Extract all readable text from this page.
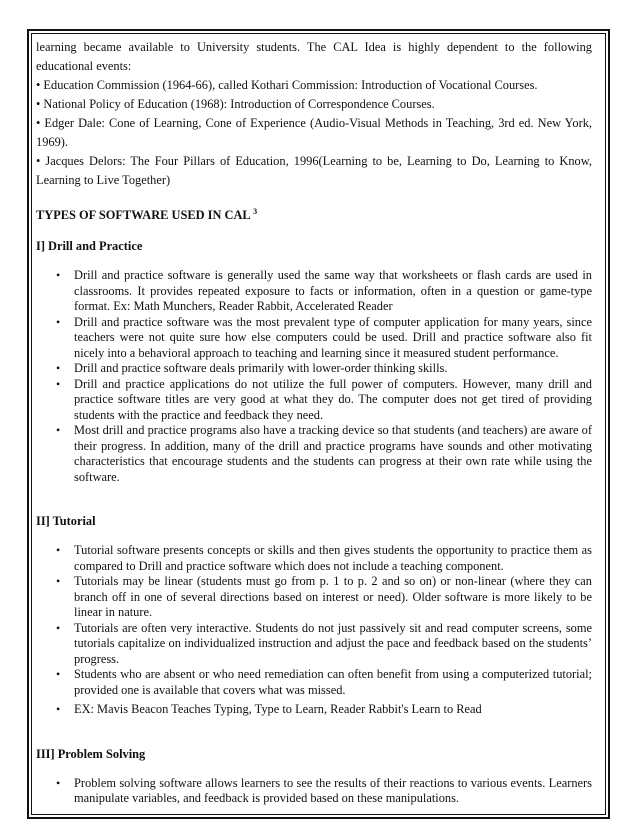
learning became available to University students. The CAL Idea is highly dependent to the following educational events:

• Education Commission (1964-66), called Kothari Commission: Introduction of Vocational Courses.

• National Policy of Education (1968): Introduction of Correspondence Courses.

• Edger Dale: Cone of Learning, Cone of Experience (Audio-Visual Methods in Teaching, 3rd ed. New York, 1969).

• Jacques Delors: The Four Pillars of Education, 1996(Learning to be, Learning to Do, Learning to Know, Learning to Live Together)

TYPES OF SOFTWARE USED IN CAL $^3$

I] Drill and Practice

• Drill and practice software is generally used the same way that worksheets or flash cards are used in classrooms. It provides repeated exposure to facts or information, often in a question or game-type format. Ex: Math Munchers, Reader Rabbit, Accelerated Reader
• Drill and practice software was the most prevalent type of computer application for many years, since teachers were not quite sure how else computers could be used. Drill and practice software also fit nicely into a behavioral approach to teaching and learning since it measured student performance.
• Drill and practice software deals primarily with lower-order thinking skills.
• Drill and practice applications do not utilize the full power of computers. However, many drill and practice software titles are very good at what they do. The computer does not get tired of providing students with the practice and feedback they need.
• Most drill and practice programs also have a tracking device so that students (and teachers) are aware of their progress. In addition, many of the drill and practice programs have sounds and other motivating characteristics that encourage students and the students can progress at their own rate while using the software.

II] Tutorial

• Tutorial software presents concepts or skills and then gives students the opportunity to practice them as compared to Drill and practice software which does not include a teaching component.
• Tutorials may be linear (students must go from p. 1 to p. 2 and so on) or non-linear (where they can branch off in one of several directions based on interest or need). Older software is more likely to be linear in nature.
• Tutorials are often very interactive. Students do not just passively sit and read computer screens, some tutorials capitalize on individualized instruction and adjust the pace and feedback based on the students’ progress.
• Students who are absent or who need remediation can often benefit from using a computerized tutorial; provided one is available that covers what was missed.
• EX: Mavis Beacon Teaches Typing, Type to Learn, Reader Rabbit's Learn to Read

III] Problem Solving

• Problem solving software allows learners to see the results of their reactions to various events. Learners manipulate variables, and feedback is provided based on these manipulations.
